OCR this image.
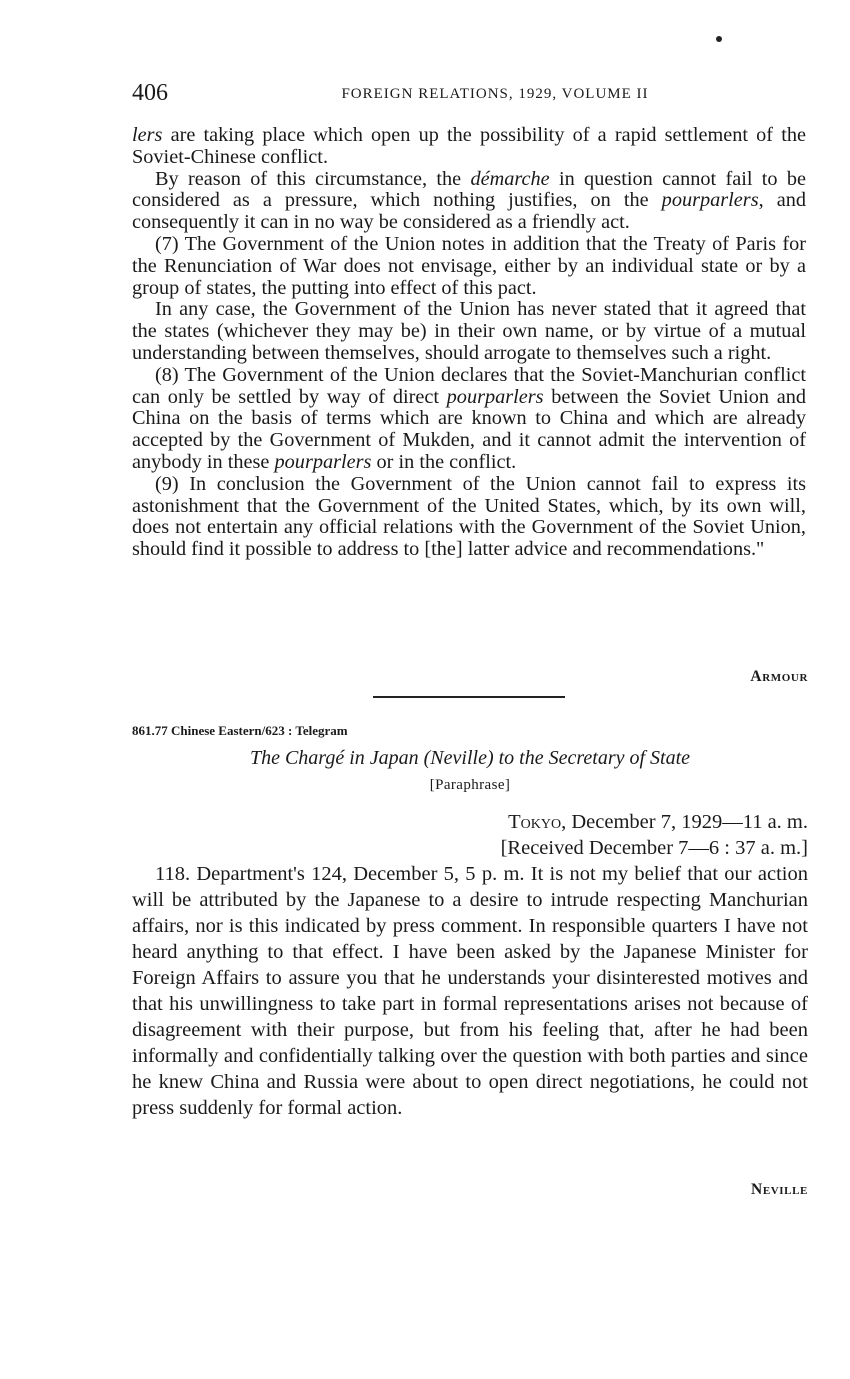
406	FOREIGN RELATIONS, 1929, VOLUME II

lers are taking place which open up the possibility of a rapid settlement of the Soviet-Chinese conflict.

By reason of this circumstance, the démarche in question cannot fail to be considered as a pressure, which nothing justifies, on the pourparlers, and consequently it can in no way be considered as a friendly act.

(7) The Government of the Union notes in addition that the Treaty of Paris for the Renunciation of War does not envisage, either by an individual state or by a group of states, the putting into effect of this pact.

In any case, the Government of the Union has never stated that it agreed that the states (whichever they may be) in their own name, or by virtue of a mutual understanding between themselves, should arrogate to themselves such a right.

(8) The Government of the Union declares that the Soviet-Manchurian conflict can only be settled by way of direct pourparlers between the Soviet Union and China on the basis of terms which are known to China and which are already accepted by the Government of Mukden, and it cannot admit the intervention of anybody in these pourparlers or in the conflict.

(9) In conclusion the Government of the Union cannot fail to express its astonishment that the Government of the United States, which, by its own will, does not entertain any official relations with the Government of the Soviet Union, should find it possible to address to [the] latter advice and recommendations."

Armour
861.77 Chinese Eastern/623 : Telegram
The Chargé in Japan (Neville) to the Secretary of State
[Paraphrase]
Tokyo, December 7, 1929—11 a. m.
[Received December 7—6 : 37 a. m.]

118. Department's 124, December 5, 5 p. m. It is not my belief that our action will be attributed by the Japanese to a desire to intrude respecting Manchurian affairs, nor is this indicated by press comment. In responsible quarters I have not heard anything to that effect. I have been asked by the Japanese Minister for Foreign Affairs to assure you that he understands your disinterested motives and that his unwillingness to take part in formal representations arises not because of disagreement with their purpose, but from his feeling that, after he had been informally and confidentially talking over the question with both parties and since he knew China and Russia were about to open direct negotiations, he could not press suddenly for formal action.

Neville
